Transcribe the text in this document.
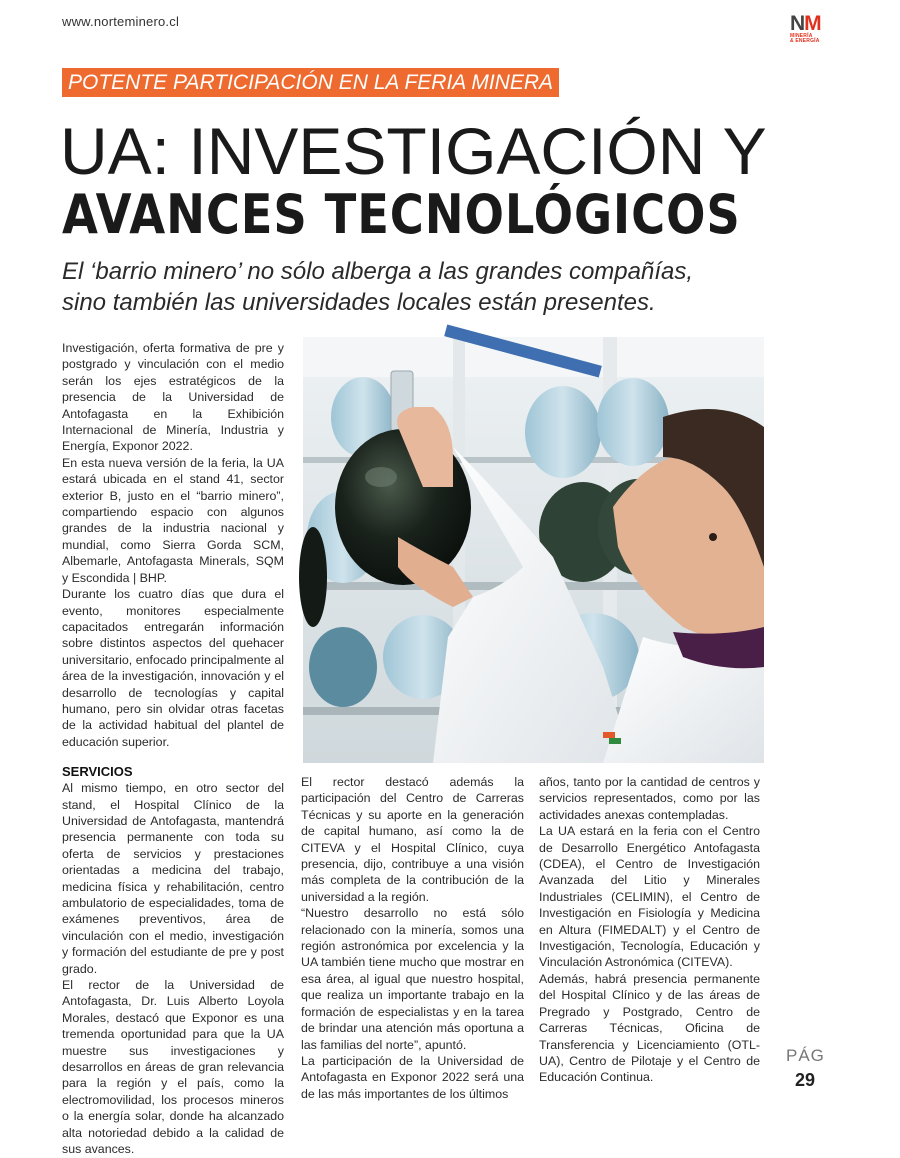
www.norteminero.cl	NM
MINERÍA
& ENERGÍA
POTENTE PARTICIPACIÓN EN LA FERIA MINERA
UA: INVESTIGACIÓN Y
AVANCES TECNOLÓGICOS
El ‘barrio minero’ no sólo alberga a las grandes compañías,
sino también las universidades locales están presentes.

Investigación, oferta formativa de pre y postgrado y vinculación con el medio serán los ejes estratégicos de la presencia de la Universidad de Antofagasta en la Exhibición Internacional de Minería, Industria y Energía, Exponor 2022.

En esta nueva versión de la feria, la UA estará ubicada en el stand 41, sector exterior B, justo en el “barrio minero”, compartiendo espacio con algunos grandes de la industria nacional y mundial, como Sierra Gorda SCM, Albemarle, Antofagasta Minerals, SQM y Escondida | BHP.

Durante los cuatro días que dura el evento, monitores especialmente capacitados entregarán información sobre distintos aspectos del quehacer universitario, enfocado principalmente al área de la investigación, innovación y el desarrollo de tecnologías y capital humano, pero sin olvidar otras facetas de la actividad habitual del plantel de educación superior.

SERVICIOS

Al mismo tiempo, en otro sector del stand, el Hospital Clínico de la Universidad de Antofagasta, mantendrá presencia permanente con toda su oferta de servicios y prestaciones orientadas a medicina del trabajo, medicina física y rehabilitación, centro ambulatorio de especialidades, toma de exámenes preventivos, área de vinculación con el medio, investigación y formación del estudiante de pre y post grado.

El rector de la Universidad de Antofagasta, Dr. Luis Alberto Loyola Morales, destacó que Exponor es una tremenda oportunidad para que la UA muestre sus investigaciones y desarrollos en áreas de gran relevancia para la región y el país, como la electromovilidad, los procesos mineros o la energía solar, donde ha alcanzado alta notoriedad debido a la calidad de sus avances.

El rector destacó además la participación del Centro de Carreras Técnicas y su aporte en la generación de capital humano, así como la de CITEVA y el Hospital Clínico, cuya presencia, dijo, contribuye a una visión más completa de la contribución de la universidad a la región.

“Nuestro desarrollo no está sólo relacionado con la minería, somos una región astronómica por excelencia y la UA también tiene mucho que mostrar en esa área, al igual que nuestro hospital, que realiza un importante trabajo en la formación de especialistas y en la tarea de brindar una atención más oportuna a las familias del norte”, apuntó.

La participación de la Universidad de Antofagasta en Exponor 2022 será una de las más importantes de los últimos

años, tanto por la cantidad de centros y servicios representados, como por las actividades anexas contempladas.

La UA estará en la feria con el Centro de Desarrollo Energético Antofagasta (CDEA), el Centro de Investigación Avanzada del Litio y Minerales Industriales (CELIMIN), el Centro de Investigación en Fisiología y Medicina en Altura (FIMEDALT) y el Centro de Investigación, Tecnología, Educación y Vinculación Astronómica (CITEVA).

Además, habrá presencia permanente del Hospital Clínico y de las áreas de Pregrado y Postgrado, Centro de Carreras Técnicas, Oficina de Transferencia y Licenciamiento (OTL-UA), Centro de Pilotaje y el Centro de Educación Continua.

PÁG
29
